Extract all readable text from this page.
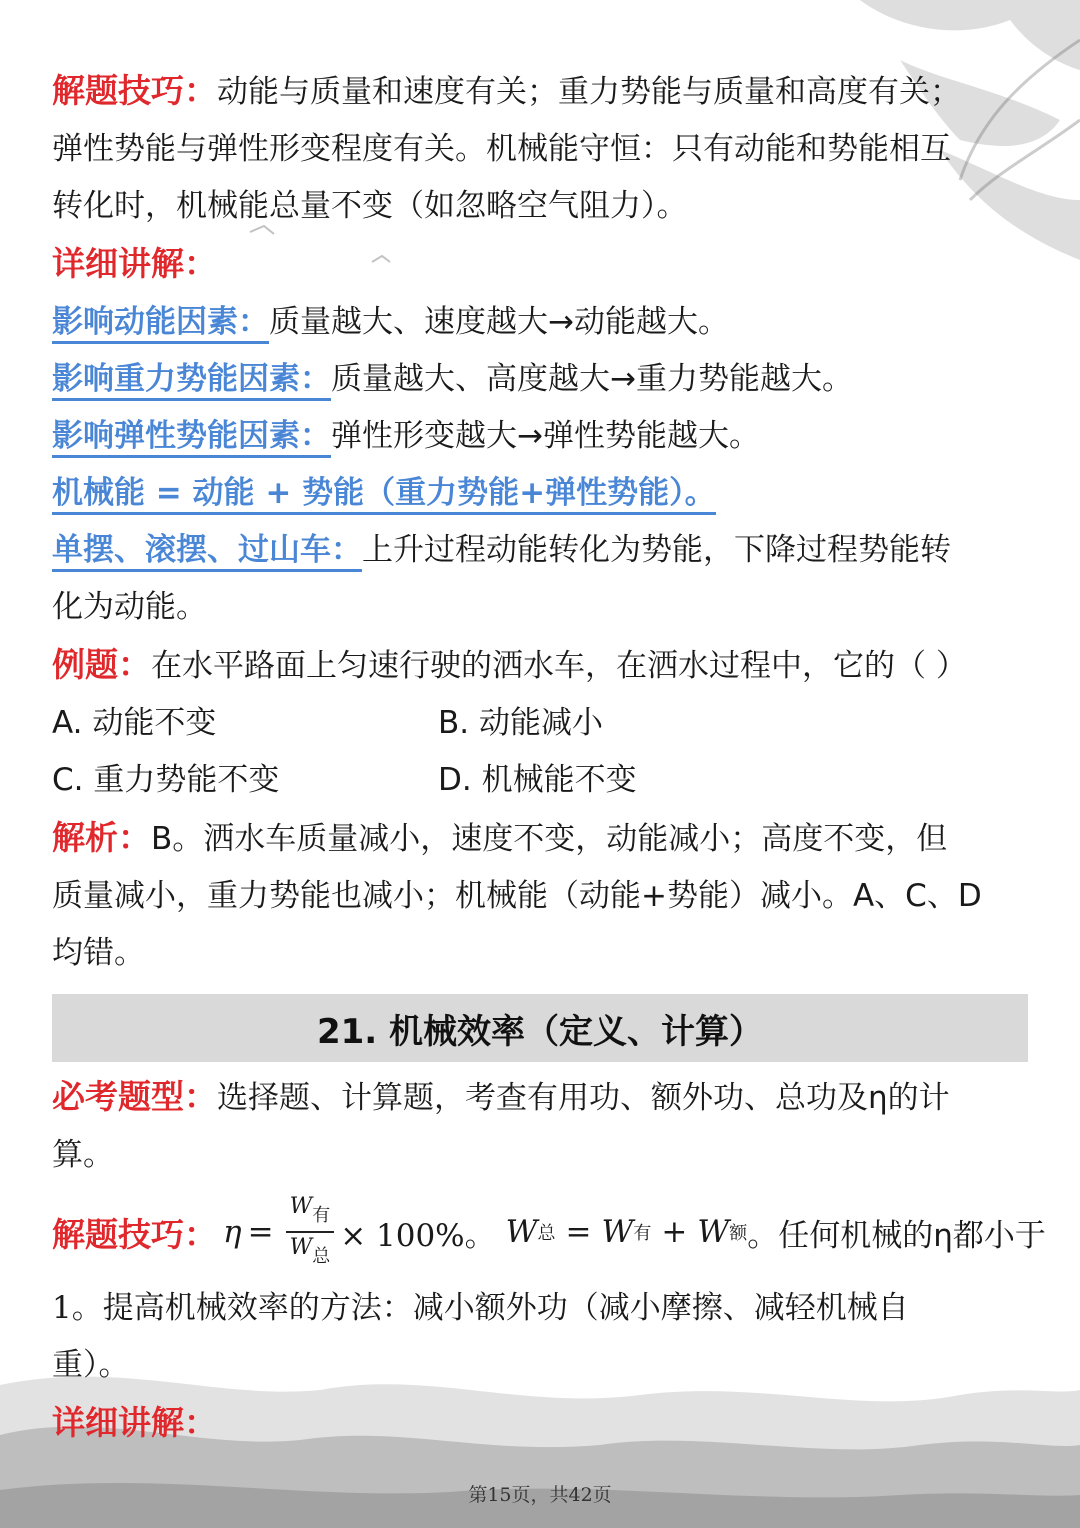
解题技巧：动能与质量和速度有关；重力势能与质量和高度有关；

弹性势能与弹性形变程度有关。机械能守恒：只有动能和势能相互

转化时，机械能总量不变（如忽略空气阻力）。

详细讲解：

影响动能因素：质量越大、速度越大→动能越大。

影响重力势能因素：质量越大、高度越大→重力势能越大。

影响弹性势能因素：弹性形变越大→弹性势能越大。

机械能 = 动能 + 势能（重力势能+弹性势能）。

单摆、滚摆、过山车：上升过程动能转化为势能，下降过程势能转

化为动能。

例题：在水平路面上匀速行驶的洒水车，在洒水过程中，它的（ ）

A. 动能不变	B. 动能减小
C. 重力势能不变	D. 机械能不变

解析：B。洒水车质量减小，速度不变，动能减小；高度不变，但

质量减小，重力势能也减小；机械能（动能+势能）减小。A、C、D

均错。

21. 机械效率（定义、计算）

必考题型：选择题、计算题，考查有用功、额外功、总功及η的计

算。

解题技巧： $\eta = \frac{W_有}{W_总} \times 100\%$。 W 总 = W 有 + W 额 。任何机械的η都小于

1。提高机械效率的方法：减小额外功（减小摩擦、减轻机械自

重）。

详细讲解：

第15页，共42页
